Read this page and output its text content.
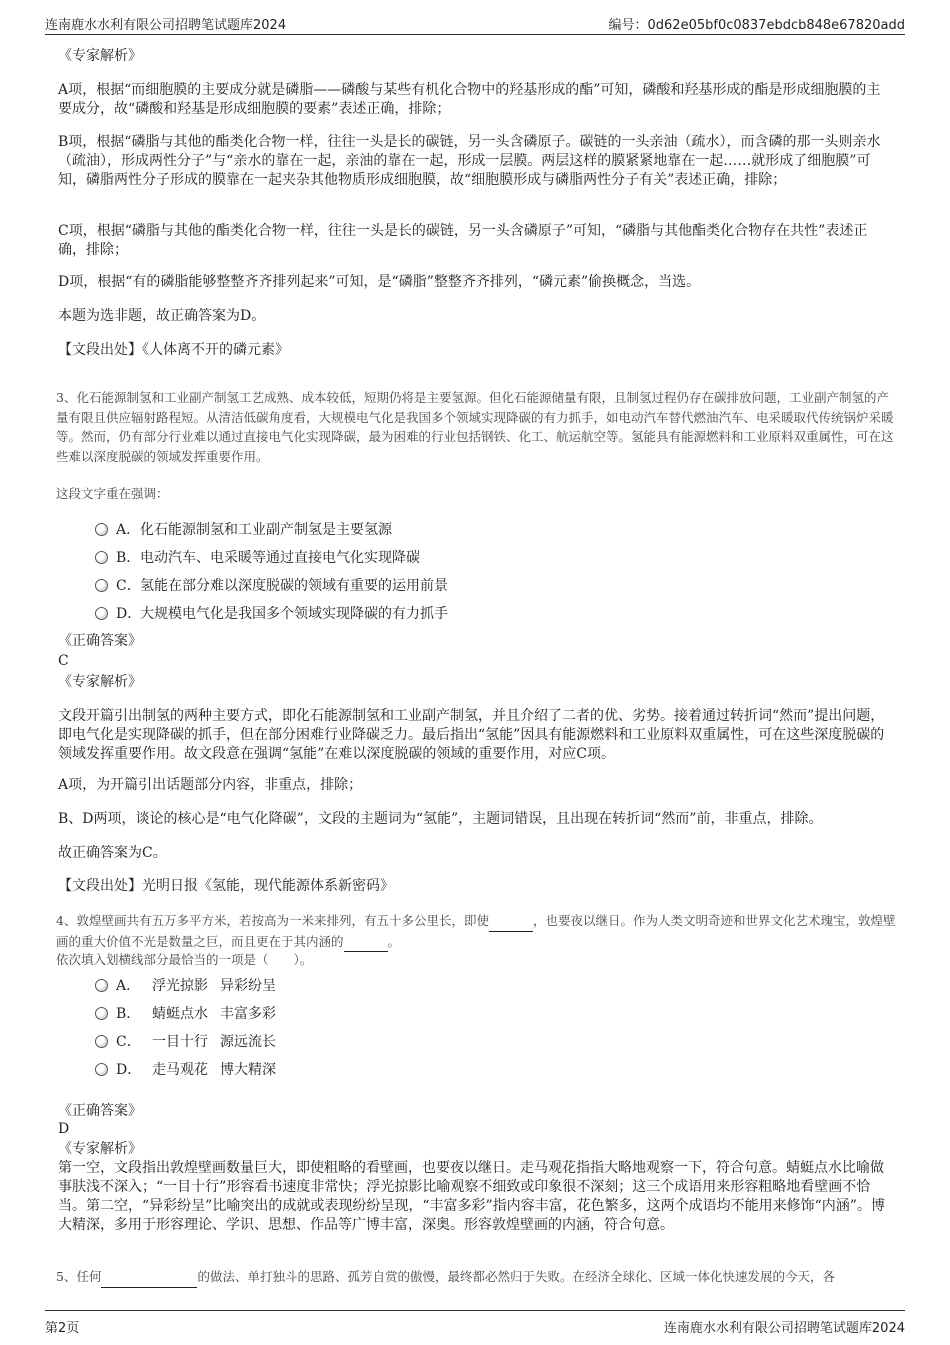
连南鹿水水利有限公司招聘笔试题库2024	编号：0d62e05bf0c0837ebdcb848e67820add
《专家解析》
A项，根据“而细胞膜的主要成分就是磷脂——磷酸与某些有机化合物中的羟基形成的酯”可知，磷酸和羟基形成的酯是形成细胞膜的主要成分，故“磷酸和羟基是形成细胞膜的要素”表述正确，排除；
B项，根据“磷脂与其他的酯类化合物一样，往往一头是长的碳链，另一头含磷原子。碳链的一头亲油（疏水），而含磷的那一头则亲水（疏油），形成两性分子”与“亲水的靠在一起，亲油的靠在一起，形成一层膜。两层这样的膜紧紧地靠在一起……就形成了细胞膜”可知，磷脂两性分子形成的膜靠在一起夹杂其他物质形成细胞膜，故“细胞膜形成与磷脂两性分子有关”表述正确，排除；
C项，根据“磷脂与其他的酯类化合物一样，往往一头是长的碳链，另一头含磷原子”可知，“磷脂与其他酯类化合物存在共性”表述正确，排除；
D项，根据“有的磷脂能够整整齐齐排列起来”可知，是“磷脂”整整齐齐排列，“磷元素”偷换概念，当选。
本题为选非题，故正确答案为D。
【文段出处】《人体离不开的磷元素》
3、化石能源制氢和工业副产制氢工艺成熟、成本较低，短期仍将是主要氢源。但化石能源储量有限，且制氢过程仍存在碳排放问题，工业副产制氢的产量有限且供应辐射路程短。从清洁低碳角度看，大规模电气化是我国多个领域实现降碳的有力抓手，如电动汽车替代燃油汽车、电采暖取代传统锅炉采暖等。然而，仍有部分行业难以通过直接电气化实现降碳，最为困难的行业包括钢铁、化工、航运航空等。氢能具有能源燃料和工业原料双重属性，可在这些难以深度脱碳的领域发挥重要作用。
这段文字重在强调：
A．化石能源制氢和工业副产制氢是主要氢源
B．电动汽车、电采暖等通过直接电气化实现降碳
C．氢能在部分难以深度脱碳的领域有重要的运用前景
D．大规模电气化是我国多个领域实现降碳的有力抓手
《正确答案》
C
《专家解析》
文段开篇引出制氢的两种主要方式，即化石能源制氢和工业副产制氢，并且介绍了二者的优、劣势。接着通过转折词“然而”提出问题，即电气化是实现降碳的抓手，但在部分困难行业降碳乏力。最后指出“氢能”因具有能源燃料和工业原料双重属性，可在这些深度脱碳的领域发挥重要作用。故文段意在强调“氢能”在难以深度脱碳的领域的重要作用，对应C项。
A项，为开篇引出话题部分内容，非重点，排除；
B、D两项，谈论的核心是“电气化降碳”，文段的主题词为“氢能”，主题词错误，且出现在转折词“然而”前，非重点，排除。
故正确答案为C。
【文段出处】光明日报《氢能，现代能源体系新密码》
4、敦煌壁画共有五万多平方米，若按高为一米来排列，有五十多公里长，即使	，也要夜以继日。作为人类文明奇迹和世界文化艺术瑰宝，敦煌壁画的重大价值不光是数量之巨，而且更在于其内涵的	。
依次填入划横线部分最恰当的一项是（　　）。
A． 浮光掠影 异彩纷呈
B． 蜻蜓点水 丰富多彩
C． 一目十行 源远流长
D． 走马观花 博大精深
《正确答案》
D
《专家解析》
第一空，文段指出敦煌壁画数量巨大，即使粗略的看壁画，也要夜以继日。走马观花指指大略地观察一下，符合句意。蜻蜓点水比喻做事肤浅不深入；“一目十行”形容看书速度非常快；浮光掠影比喻观察不细致或印象很不深刻；这三个成语用来形容粗略地看壁画不恰当。第二空，“异彩纷呈”比喻突出的成就或表现纷纷呈现，“丰富多彩”指内容丰富，花色繁多，这两个成语均不能用来修饰“内涵”。博大精深，多用于形容理论、学识、思想、作品等广博丰富，深奥。形容敦煌壁画的内涵，符合句意。
5、任何	的做法、单打独斗的思路、孤芳自赏的傲慢，最终都必然归于失败。在经济全球化、区域一体化快速发展的今天，各
第2页	连南鹿水水利有限公司招聘笔试题库2024
